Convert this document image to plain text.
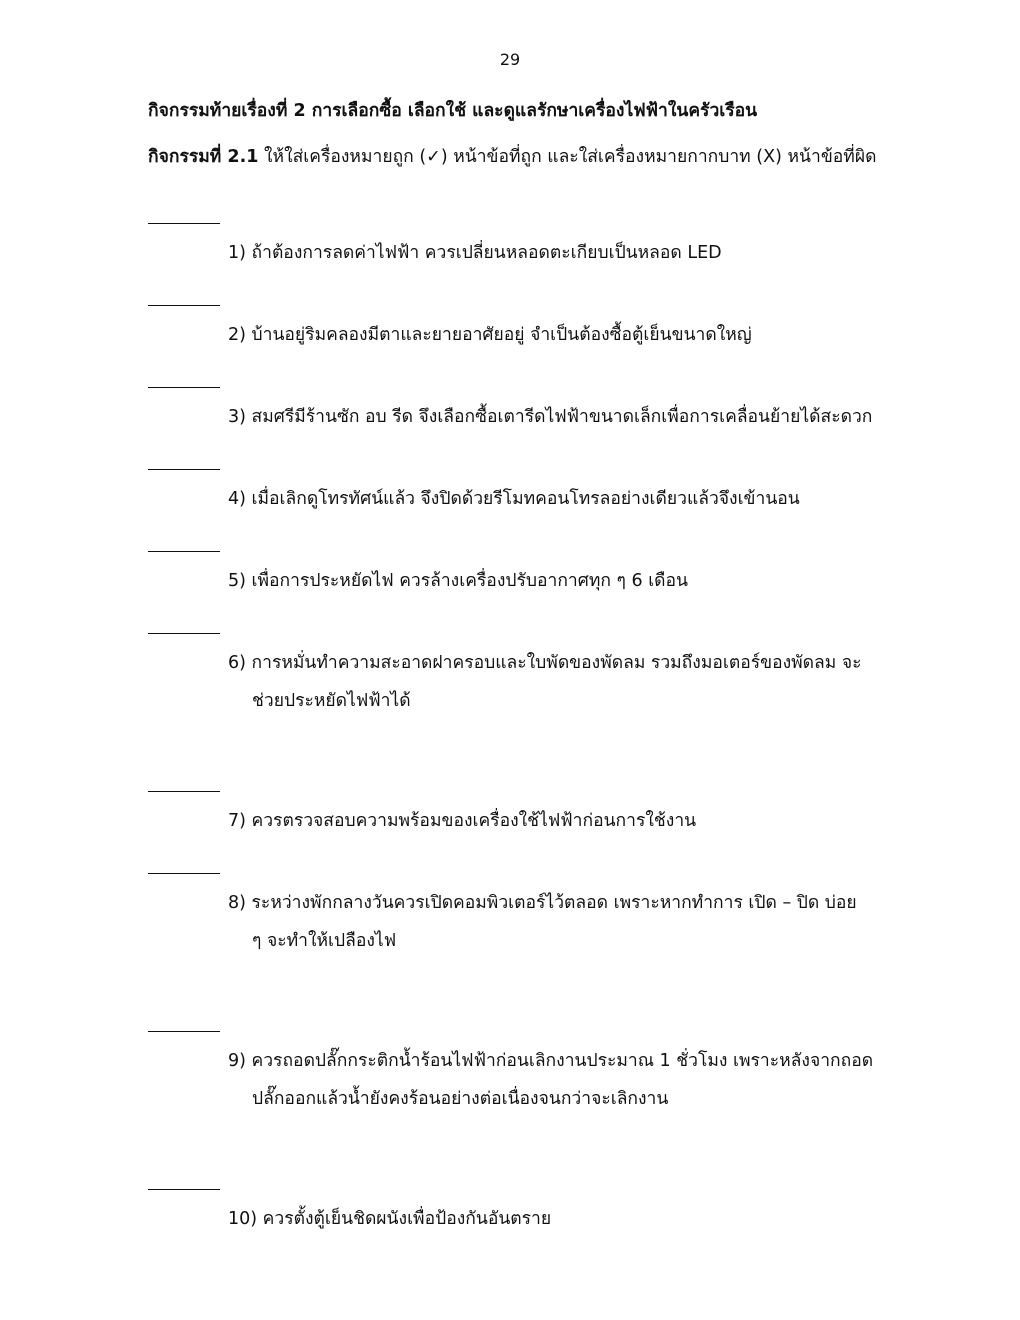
29
กิจกรรมท้ายเรื่องที่ 2 การเลือกซื้อ เลือกใช้ และดูแลรักษาเครื่องไฟฟ้าในครัวเรือน
กิจกรรมที่ 2.1 ให้ใส่เครื่องหมายถูก (✓) หน้าข้อที่ถูก และใส่เครื่องหมายกากบาท (X) หน้าข้อที่ผิด

1) ถ้าต้องการลดค่าไฟฟ้า ควรเปลี่ยนหลอดตะเกียบเป็นหลอด LED

2) บ้านอยู่ริมคลองมีตาและยายอาศัยอยู่ จำเป็นต้องซื้อตู้เย็นขนาดใหญ่

3) สมศรีมีร้านซัก อบ รีด จึงเลือกซื้อเตารีดไฟฟ้าขนาดเล็กเพื่อการเคลื่อนย้ายได้สะดวก

4) เมื่อเลิกดูโทรทัศน์แล้ว จึงปิดด้วยรีโมทคอนโทรลอย่างเดียวแล้วจึงเข้านอน

5) เพื่อการประหยัดไฟ ควรล้างเครื่องปรับอากาศทุก ๆ 6 เดือน

6) การหมั่นทำความสะอาดฝาครอบและใบพัดของพัดลม รวมถึงมอเตอร์ของพัดลม จะ

ช่วยประหยัดไฟฟ้าได้

7) ควรตรวจสอบความพร้อมของเครื่องใช้ไฟฟ้าก่อนการใช้งาน

8) ระหว่างพักกลางวันควรเปิดคอมพิวเตอร์ไว้ตลอด เพราะหากทำการ เปิด – ปิด บ่อย

ๆ จะทำให้เปลืองไฟ

9) ควรถอดปลั๊กกระติกน้ำร้อนไฟฟ้าก่อนเลิกงานประมาณ 1 ชั่วโมง เพราะหลังจากถอด

ปลั๊กออกแล้วน้ำยังคงร้อนอย่างต่อเนื่องจนกว่าจะเลิกงาน

10) ควรตั้งตู้เย็นชิดผนังเพื่อป้องกันอันตราย
